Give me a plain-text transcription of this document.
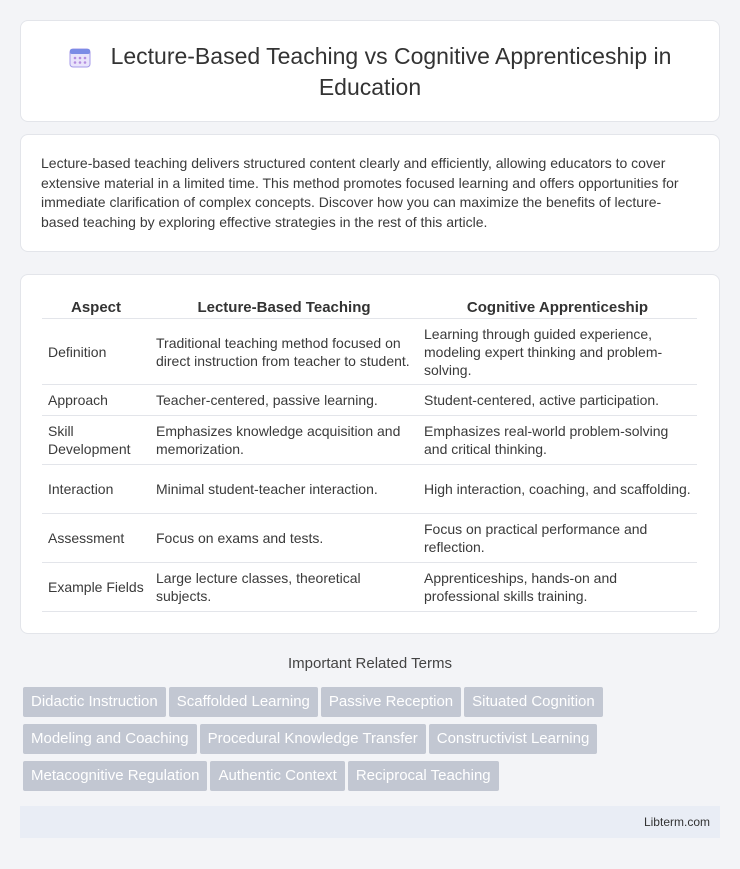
Lecture-Based Teaching vs Cognitive Apprenticeship in Education

Lecture-based teaching delivers structured content clearly and efficiently, allowing educators to cover extensive material in a limited time. This method promotes focused learning and offers opportunities for immediate clarification of complex concepts. Discover how you can maximize the benefits of lecture-based teaching by exploring effective strategies in the rest of this article.

Aspect	Lecture-Based Teaching	Cognitive Apprenticeship
Definition	Traditional teaching method focused on direct instruction from teacher to student.	Learning through guided experience, modeling expert thinking and problem-solving.
Approach	Teacher-centered, passive learning.	Student-centered, active participation.
Skill Development	Emphasizes knowledge acquisition and memorization.	Emphasizes real-world problem-solving and critical thinking.
Interaction	Minimal student-teacher interaction.	High interaction, coaching, and scaffolding.
Assessment	Focus on exams and tests.	Focus on practical performance and reflection.
Example Fields	Large lecture classes, theoretical subjects.	Apprenticeships, hands-on and professional skills training.
Important Related Terms
Didactic Instruction Scaffolded Learning Passive Reception Situated Cognition
Modeling and Coaching Procedural Knowledge Transfer Constructivist Learning
Metacognitive Regulation Authentic Context Reciprocal Teaching
Libterm.com
